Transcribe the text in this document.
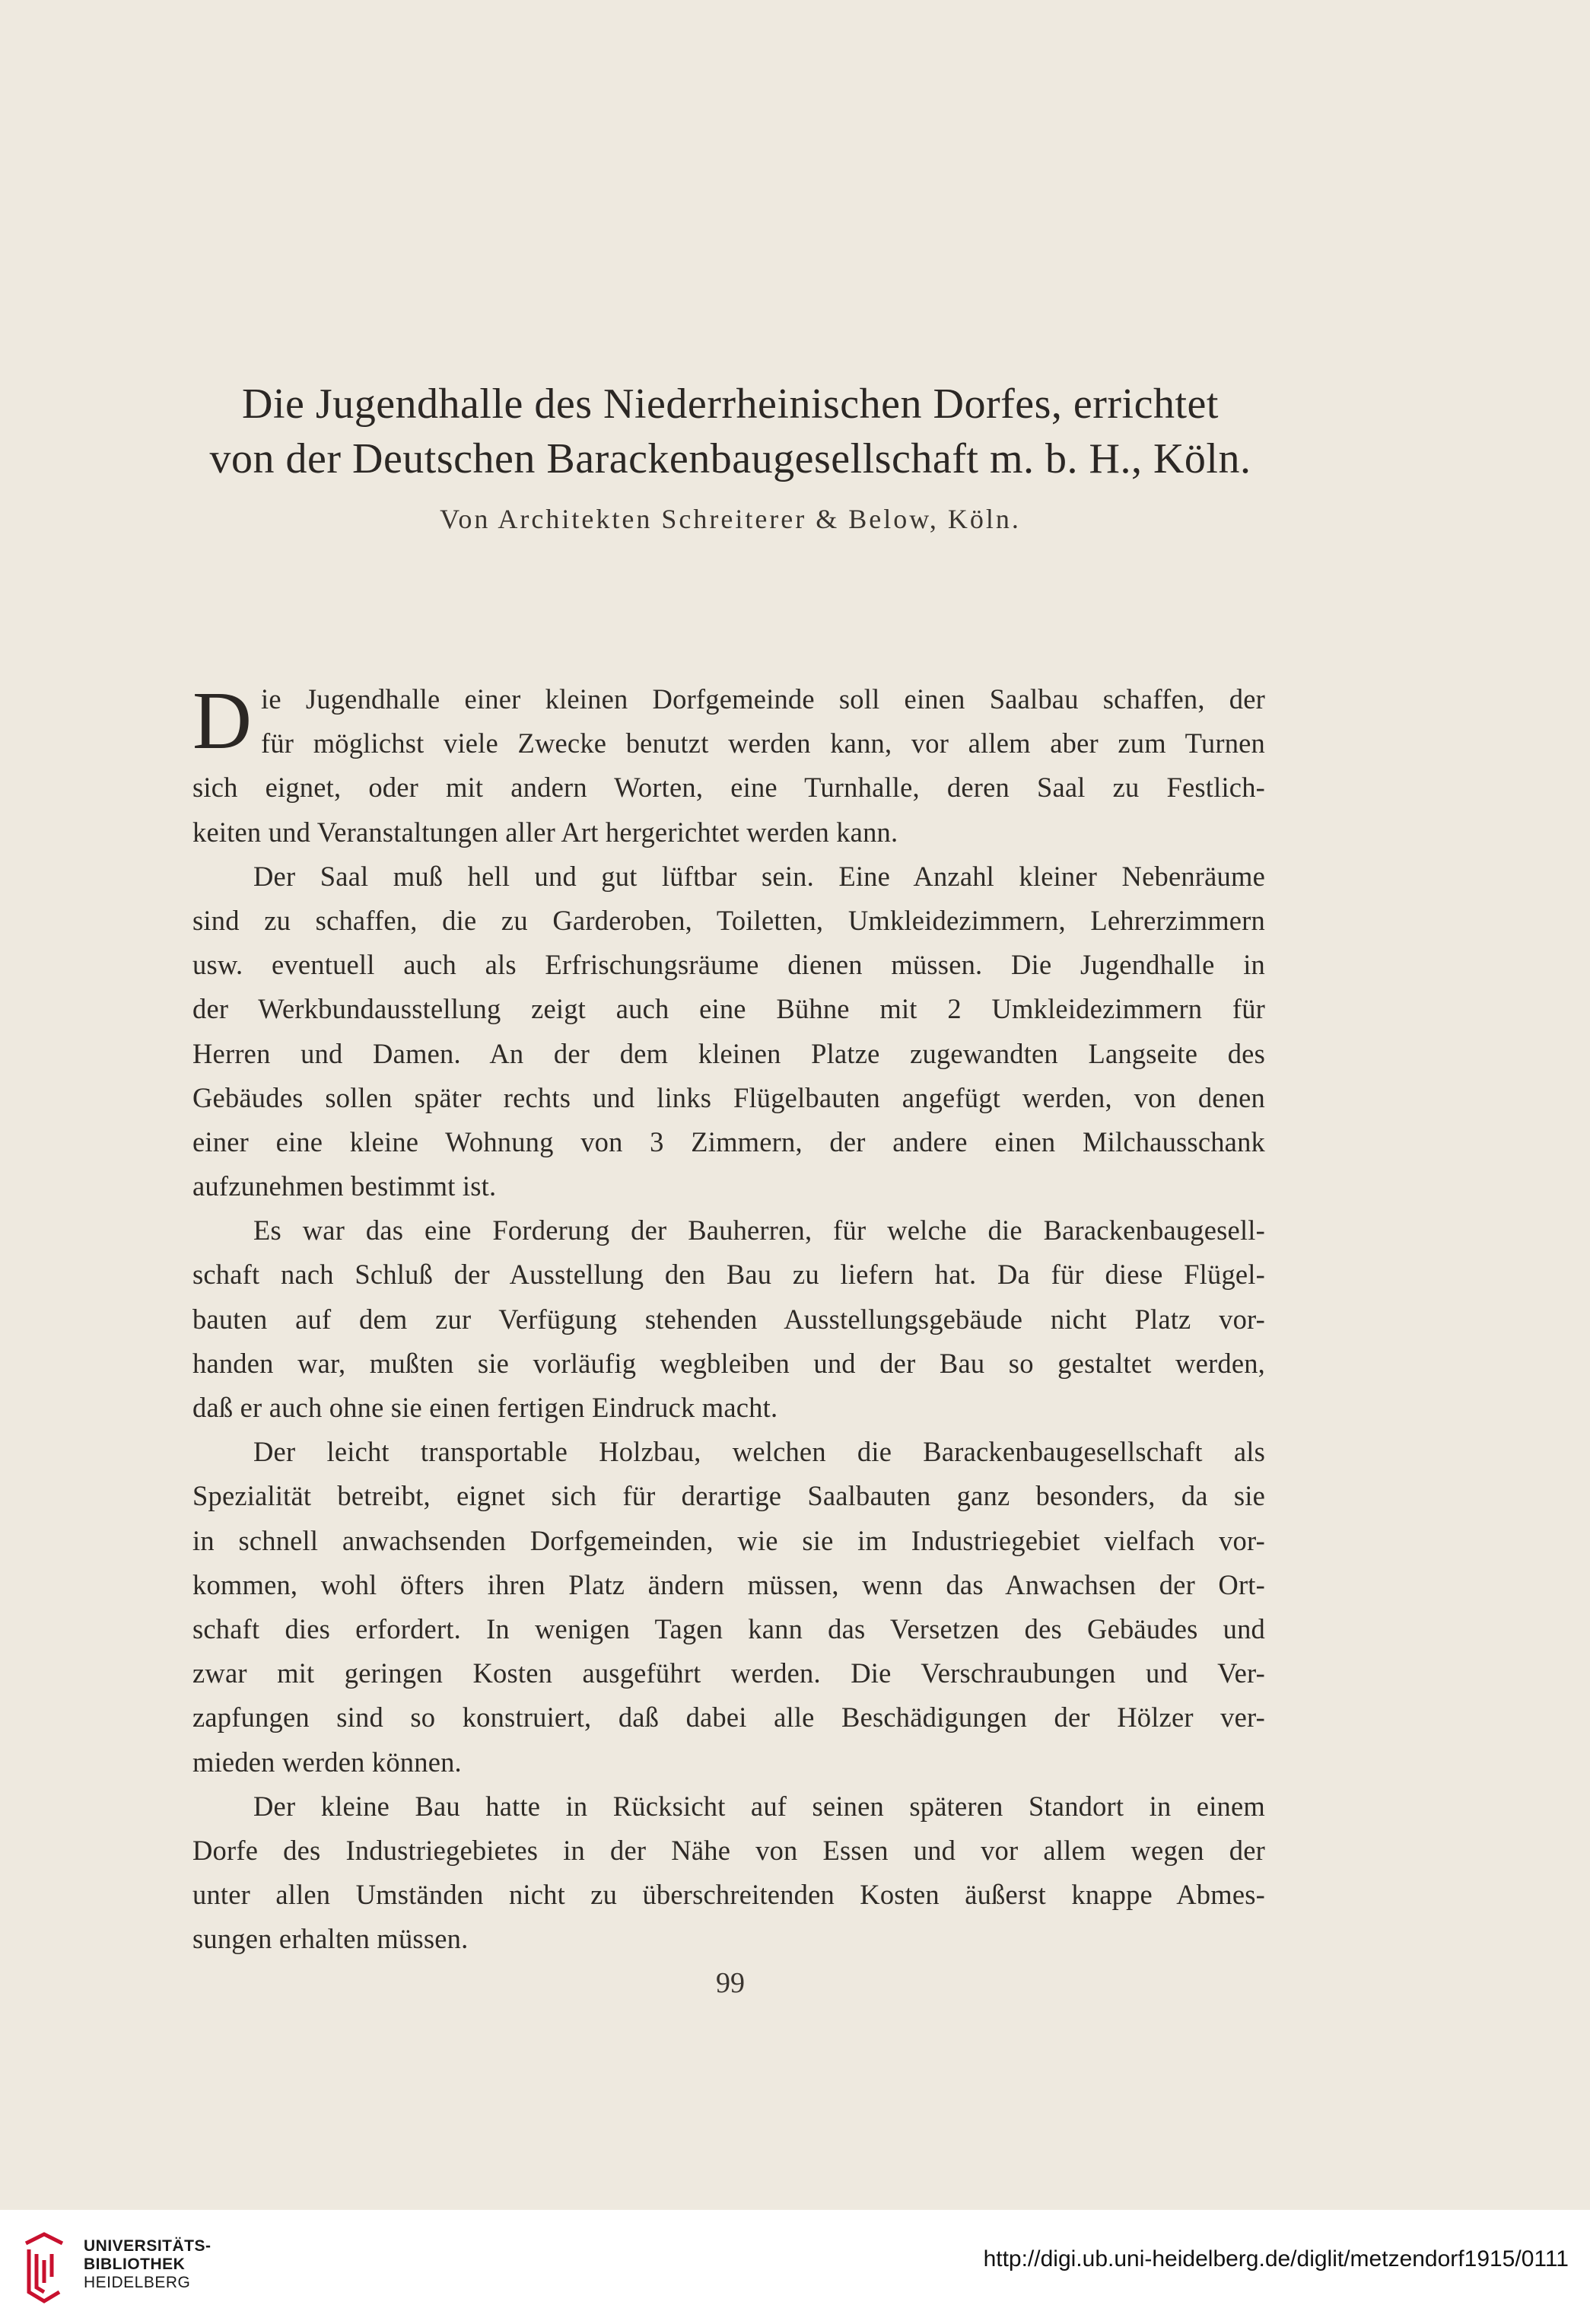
Die Jugendhalle des Niederrheinischen Dorfes, errichtet
von der Deutschen Barackenbaugesellschaft m. b. H., Köln.
Von Architekten Schreiterer & Below, Köln.
D ie Jugendhalle einer kleinen Dorfgemeinde soll einen Saalbau schaffen, der
für möglichst viele Zwecke benutzt werden kann, vor allem aber zum Turnen
sich eignet, oder mit andern Worten, eine Turnhalle, deren Saal zu Festlich-
keiten und Veranstaltungen aller Art hergerichtet werden kann.
Der Saal muß hell und gut lüftbar sein. Eine Anzahl kleiner Nebenräume
sind zu schaffen, die zu Garderoben, Toiletten, Umkleidezimmern, Lehrerzimmern
usw. eventuell auch als Erfrischungsräume dienen müssen. Die Jugendhalle in
der Werkbundausstellung zeigt auch eine Bühne mit 2 Umkleidezimmern für
Herren und Damen. An der dem kleinen Platze zugewandten Langseite des
Gebäudes sollen später rechts und links Flügelbauten angefügt werden, von denen
einer eine kleine Wohnung von 3 Zimmern, der andere einen Milchausschank
aufzunehmen bestimmt ist.
Es war das eine Forderung der Bauherren, für welche die Barackenbaugesell-
schaft nach Schluß der Ausstellung den Bau zu liefern hat. Da für diese Flügel-
bauten auf dem zur Verfügung stehenden Ausstellungsgebäude nicht Platz vor-
handen war, mußten sie vorläufig wegbleiben und der Bau so gestaltet werden,
daß er auch ohne sie einen fertigen Eindruck macht.
Der leicht transportable Holzbau, welchen die Barackenbaugesellschaft als
Spezialität betreibt, eignet sich für derartige Saalbauten ganz besonders, da sie
in schnell anwachsenden Dorfgemeinden, wie sie im Industriegebiet vielfach vor-
kommen, wohl öfters ihren Platz ändern müssen, wenn das Anwachsen der Ort-
schaft dies erfordert. In wenigen Tagen kann das Versetzen des Gebäudes und
zwar mit geringen Kosten ausgeführt werden. Die Verschraubungen und Ver-
zapfungen sind so konstruiert, daß dabei alle Beschädigungen der Hölzer ver-
mieden werden können.
Der kleine Bau hatte in Rücksicht auf seinen späteren Standort in einem
Dorfe des Industriegebietes in der Nähe von Essen und vor allem wegen der
unter allen Umständen nicht zu überschreitenden Kosten äußerst knappe Abmes-
sungen erhalten müssen.
99
UNIVERSITÄTS-
BIBLIOTHEK
HEIDELBERG
http://digi.ub.uni-heidelberg.de/diglit/metzendorf1915/0111
